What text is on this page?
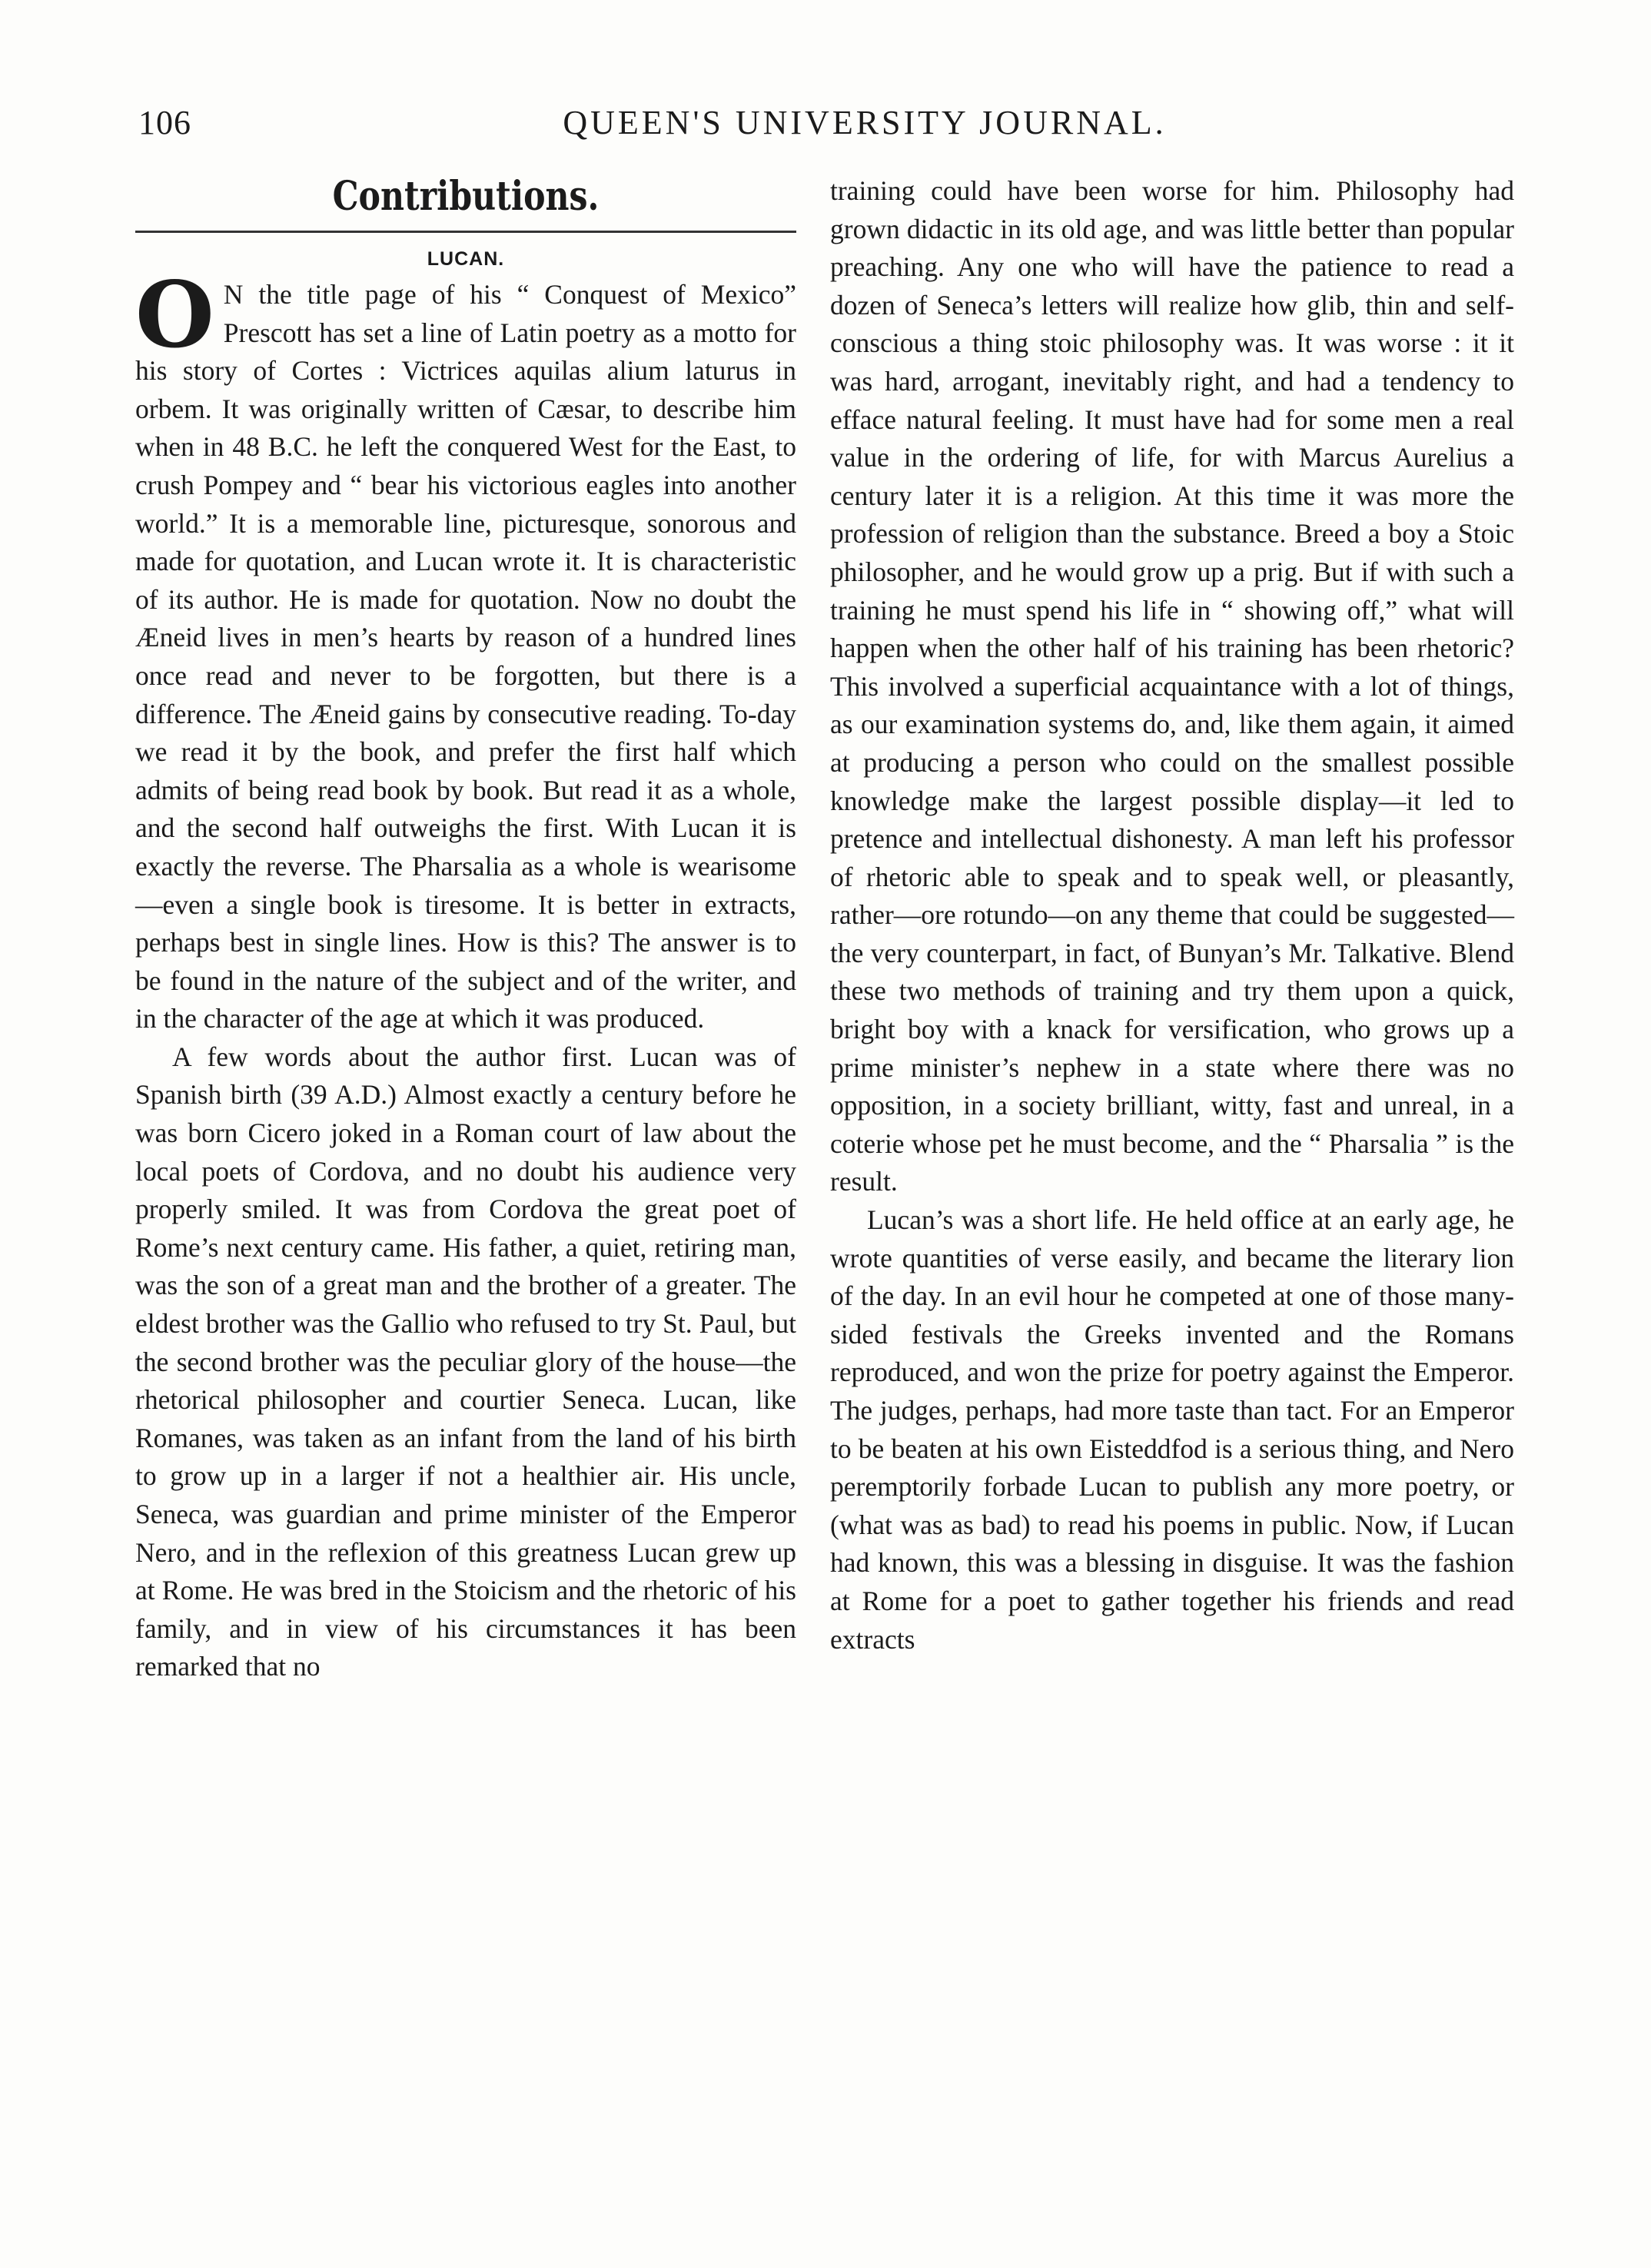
106	QUEEN'S UNIVERSITY JOURNAL.
Contributions.
LUCAN.

O N the title page of his “ Conquest of Mexico” Prescott has set a line of Latin poetry as a motto for his story of Cortes : Victrices aquilas alium laturus in orbem. It was originally written of Cæsar, to describe him when in 48 B.C. he left the conquered West for the East, to crush Pompey and “ bear his victorious eagles into another world.” It is a memorable line, picturesque, sonorous and made for quotation, and Lucan wrote it. It is characteristic of its author. He is made for quotation. Now no doubt the Æneid lives in men’s hearts by reason of a hundred lines once read and never to be forgotten, but there is a difference. The Æneid gains by consecutive reading. To-day we read it by the book, and prefer the first half which admits of being read book by book. But read it as a whole, and the second half outweighs the first. With Lucan it is exactly the reverse. The Pharsalia as a whole is wearisome—even a single book is tiresome. It is better in extracts, perhaps best in single lines. How is this? The answer is to be found in the nature of the subject and of the writer, and in the character of the age at which it was produced.

A few words about the author first. Lucan was of Spanish birth (39 A.D.) Almost exactly a century before he was born Cicero joked in a Roman court of law about the local poets of Cordova, and no doubt his audience very properly smiled. It was from Cordova the great poet of Rome’s next century came. His father, a quiet, retiring man, was the son of a great man and the brother of a greater. The eldest brother was the Gallio who refused to try St. Paul, but the second brother was the peculiar glory of the house—the rhetorical philosopher and courtier Seneca. Lucan, like Romanes, was taken as an infant from the land of his birth to grow up in a larger if not a healthier air. His uncle, Seneca, was guardian and prime minister of the Emperor Nero, and in the reflexion of this greatness Lucan grew up at Rome. He was bred in the Stoicism and the rhetoric of his family, and in view of his circumstances it has been remarked that no

training could have been worse for him. Philosophy had grown didactic in its old age, and was little better than popular preaching. Any one who will have the patience to read a dozen of Seneca’s letters will realize how glib, thin and self-conscious a thing stoic philosophy was. It was worse : it it was hard, arrogant, inevitably right, and had a tendency to efface natural feeling. It must have had for some men a real value in the ordering of life, for with Marcus Aurelius a century later it is a religion. At this time it was more the profession of religion than the substance. Breed a boy a Stoic philosopher, and he would grow up a prig. But if with such a training he must spend his life in “ showing off,” what will happen when the other half of his training has been rhetoric? This involved a superficial acquaintance with a lot of things, as our examination systems do, and, like them again, it aimed at producing a person who could on the smallest possible knowledge make the largest possible display—it led to pretence and intellectual dishonesty. A man left his professor of rhetoric able to speak and to speak well, or pleasantly, rather—ore rotundo—on any theme that could be suggested—the very counterpart, in fact, of Bunyan’s Mr. Talkative. Blend these two methods of training and try them upon a quick, bright boy with a knack for versification, who grows up a prime minister’s nephew in a state where there was no opposition, in a society brilliant, witty, fast and unreal, in a coterie whose pet he must become, and the “ Pharsalia ” is the result.

Lucan’s was a short life. He held office at an early age, he wrote quantities of verse easily, and became the literary lion of the day. In an evil hour he competed at one of those many-sided festivals the Greeks invented and the Romans reproduced, and won the prize for poetry against the Emperor. The judges, perhaps, had more taste than tact. For an Emperor to be beaten at his own Eisteddfod is a serious thing, and Nero peremptorily forbade Lucan to publish any more poetry, or (what was as bad) to read his poems in public. Now, if Lucan had known, this was a blessing in disguise. It was the fashion at Rome for a poet to gather together his friends and read extracts
